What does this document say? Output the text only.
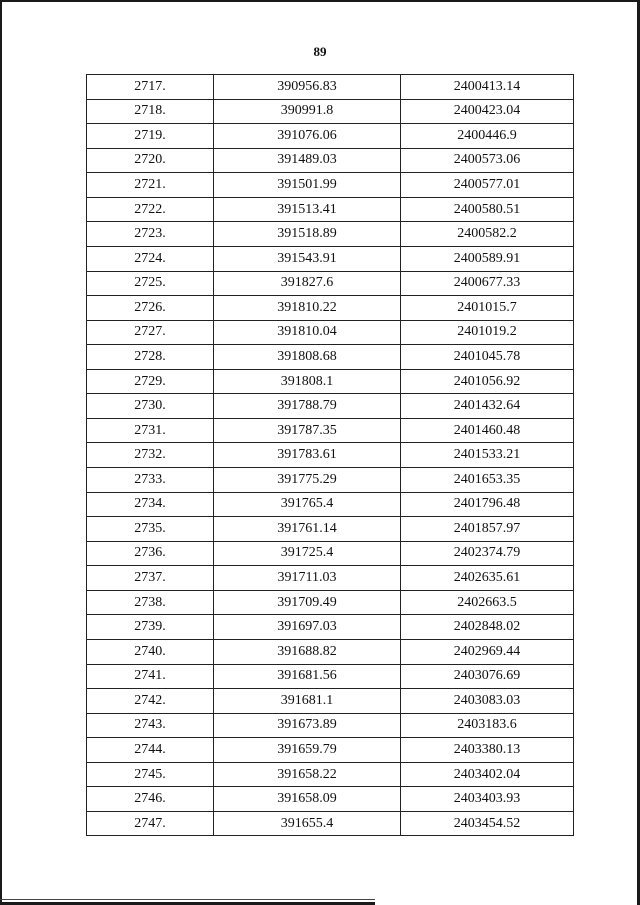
89
2717.	390956.83	2400413.14
2718.	390991.8	2400423.04
2719.	391076.06	2400446.9
2720.	391489.03	2400573.06
2721.	391501.99	2400577.01
2722.	391513.41	2400580.51
2723.	391518.89	2400582.2
2724.	391543.91	2400589.91
2725.	391827.6	2400677.33
2726.	391810.22	2401015.7
2727.	391810.04	2401019.2
2728.	391808.68	2401045.78
2729.	391808.1	2401056.92
2730.	391788.79	2401432.64
2731.	391787.35	2401460.48
2732.	391783.61	2401533.21
2733.	391775.29	2401653.35
2734.	391765.4	2401796.48
2735.	391761.14	2401857.97
2736.	391725.4	2402374.79
2737.	391711.03	2402635.61
2738.	391709.49	2402663.5
2739.	391697.03	2402848.02
2740.	391688.82	2402969.44
2741.	391681.56	2403076.69
2742.	391681.1	2403083.03
2743.	391673.89	2403183.6
2744.	391659.79	2403380.13
2745.	391658.22	2403402.04
2746.	391658.09	2403403.93
2747.	391655.4	2403454.52
